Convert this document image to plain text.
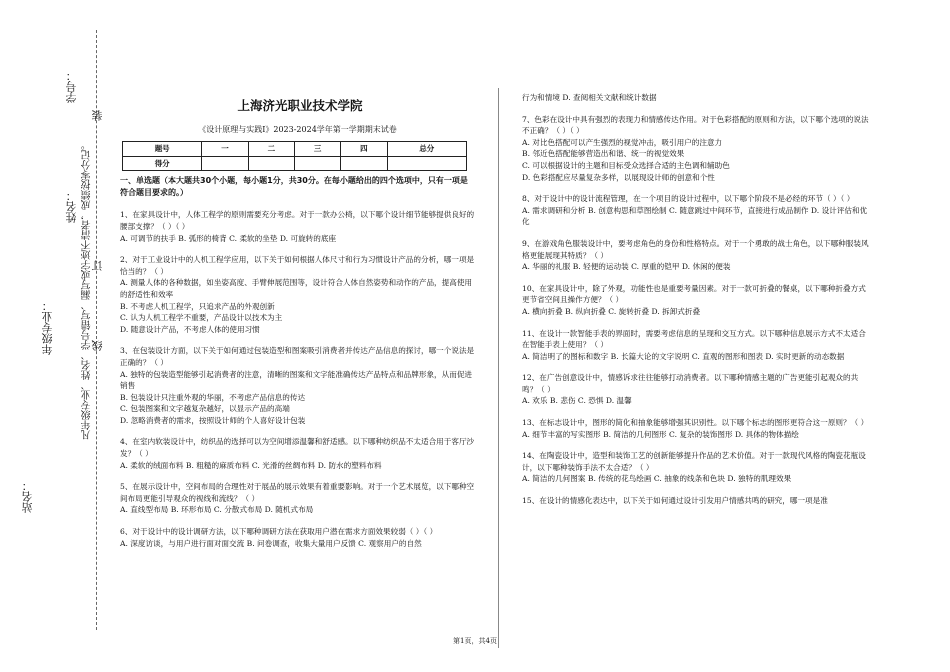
学号：
姓名：
年级专业：
站名：
凡年级专业、姓名、学号错写、漏写或字迹不清者，成绩按零分记。
装
订
线
上海济光职业技术学院
《设计原理与实践I》2023-2024学年第一学期期末试卷
题号	一	二	三	四	总分
得分					
一、单选题（本大题共30个小题，每小题1分，共30分。在每小题给出的四个选项中，只有一项是符合题目要求的。）

1、在家具设计中，人体工程学的原则需要充分考虑。对于一款办公椅，以下哪个设计细节能够提供良好的腰部支撑？（ ）（ ）

A. 可调节的扶手 B. 弧形的椅背 C. 柔软的坐垫 D. 可旋转的底座

2、对于工业设计中的人机工程学应用，以下关于如何根据人体尺寸和行为习惯设计产品的分析，哪一项是恰当的？（ ）

A. 测量人体的各种数据，如坐姿高度、手臂伸展范围等，设计符合人体自然姿势和动作的产品，提高使用的舒适性和效率

B. 不考虑人机工程学，只追求产品的外观创新

C. 认为人机工程学不重要，产品设计以技术为主

D. 随意设计产品，不考虑人体的使用习惯

3、在包装设计方面，以下关于如何通过包装造型和图案吸引消费者并传达产品信息的探讨，哪一个说法是正确的？（ ）

A. 独特的包装造型能够引起消费者的注意，清晰的图案和文字能准确传达产品特点和品牌形象，从而促进销售

B. 包装设计只注重外观的华丽，不考虑产品信息的传达

C. 包装图案和文字越复杂越好，以显示产品的高端

D. 忽略消费者的需求，按照设计师的个人喜好设计包装

4、在室内软装设计中，纺织品的选择可以为空间增添温馨和舒适感。以下哪种纺织品不太适合用于客厅沙发？（ ）

A. 柔软的绒面布料 B. 粗糙的麻质布料 C. 光滑的丝绸布料 D. 防水的塑料布料

5、在展示设计中，空间布局的合理性对于展品的展示效果有着重要影响。对于一个艺术展览，以下哪种空间布局更能引导观众的视线和流线？（ ）

A. 直线型布局 B. 环形布局 C. 分散式布局 D. 随机式布局

6、对于设计中的设计调研方法，以下哪种调研方法在获取用户潜在需求方面效果较弱（ ）（ ）

A. 深度访谈，与用户进行面对面交流 B. 问卷调查，收集大量用户反馈 C. 观察用户的自然

行为和情境 D. 查阅相关文献和统计数据

7、色彩在设计中具有强烈的表现力和情感传达作用。对于色彩搭配的原则和方法，以下哪个选项的说法不正确？（ ）（ ）

A. 对比色搭配可以产生强烈的视觉冲击，吸引用户的注意力

B. 邻近色搭配能够营造出和谐、统一的视觉效果

C. 可以根据设计的主题和目标受众选择合适的主色调和辅助色

D. 色彩搭配应尽量复杂多样，以展现设计师的创意和个性

8、对于设计中的设计流程管理，在一个项目的设计过程中，以下哪个阶段不是必经的环节（ ）（ ）

A. 需求调研和分析 B. 创意构思和草图绘制 C. 随意跳过中间环节，直接进行成品制作 D. 设计评估和优化

9、在游戏角色服装设计中，要考虑角色的身份和性格特点。对于一个勇敢的战士角色，以下哪种服装风格更能展现其特质？（ ）

A. 华丽的礼服 B. 轻便的运动装 C. 厚重的铠甲 D. 休闲的便装

10、在家具设计中，除了外观，功能性也是重要考量因素。对于一款可折叠的餐桌，以下哪种折叠方式更节省空间且操作方便？（ ）

A. 横向折叠 B. 纵向折叠 C. 旋转折叠 D. 拆卸式折叠

11、在设计一款智能手表的界面时，需要考虑信息的呈现和交互方式。以下哪种信息展示方式不太适合在智能手表上使用？（ ）

A. 简洁明了的图标和数字 B. 长篇大论的文字说明 C. 直观的图形和图表 D. 实时更新的动态数据

12、在广告创意设计中，情感诉求往往能够打动消费者。以下哪种情感主题的广告更能引起观众的共鸣？（ ）

A. 欢乐 B. 悲伤 C. 恐惧 D. 温馨

13、在标志设计中，图形的简化和抽象能够增强其识别性。以下哪个标志的图形更符合这一原则？（ ）

A. 细节丰富的写实图形 B. 简洁的几何图形 C. 复杂的装饰图形 D. 具体的物体描绘

14、在陶瓷设计中，造型和装饰工艺的创新能够提升作品的艺术价值。对于一款现代风格的陶瓷花瓶设计，以下哪种装饰手法不太合适？（ ）

A. 简洁的几何图案 B. 传统的花鸟绘画 C. 抽象的线条和色块 D. 独特的肌理效果

15、在设计的情感化表达中，以下关于如何通过设计引发用户情感共鸣的研究，哪一项是准

第1页，共4页
